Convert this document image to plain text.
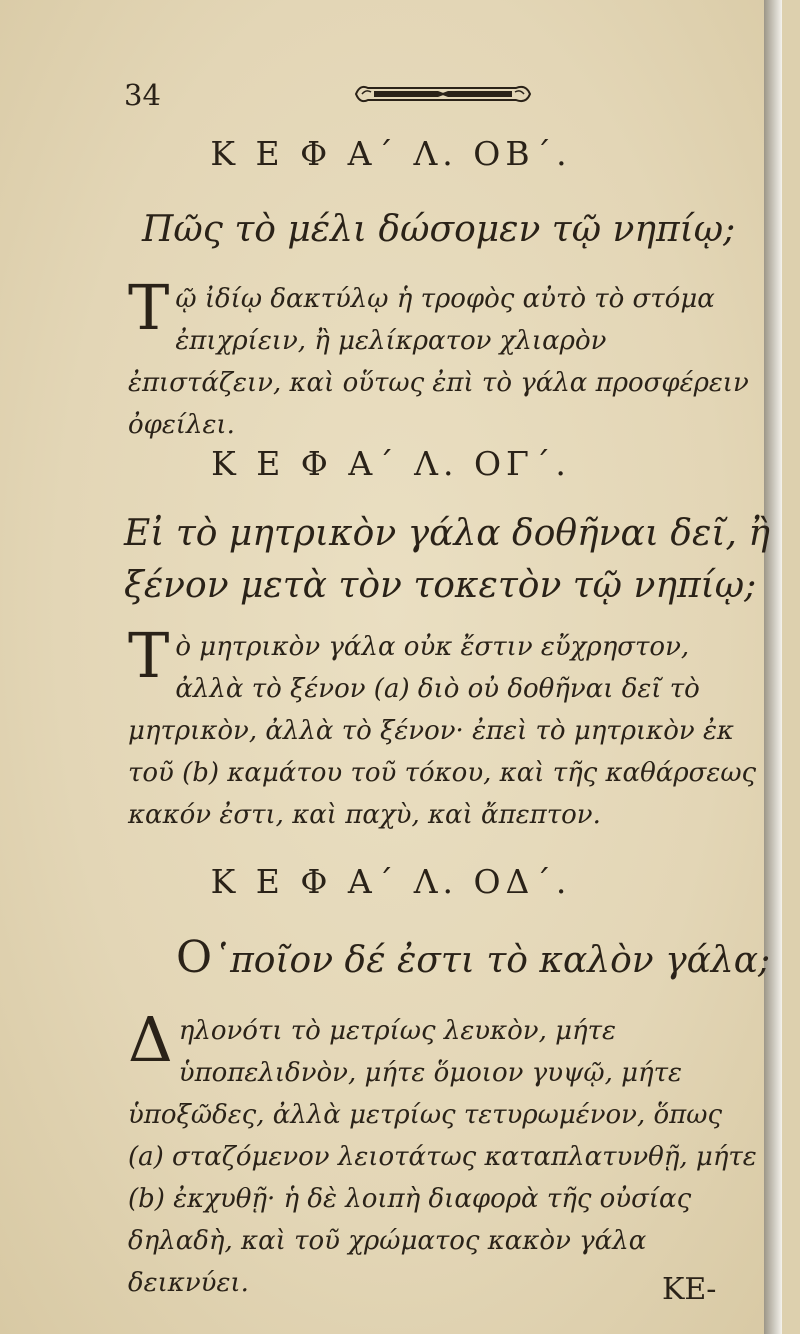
34
Κ Ε Φ Α΄ Λ. ΟΒ΄.
Πῶς τὸ μέλι δώσομεν τῷ νηπίῳ;

Τῷ ἰδίῳ δακτύλῳ ἡ τροφὸς αὐτὸ τὸ στόμα ἐπιχρίειν, ἢ μελίκρατον χλιαρὸν ἐπιστάζειν, καὶ οὕτως ἐπὶ τὸ γάλα προσφέρειν ὀφείλει.

Κ Ε Φ Α΄ Λ. ΟΓ΄.
Εἰ τὸ μητρικὸν γάλα δοθῆναι δεῖ, ἢ ξένον μετὰ τὸν τοκετὸν τῷ νηπίῳ;

Τὸ μητρικὸν γάλα οὐκ ἔστιν εὔχρηστον, ἀλλὰ τὸ ξένον (a) διὸ οὐ δοθῆναι δεῖ τὸ μητρικὸν, ἀλλὰ τὸ ξένον· ἐπεὶ τὸ μητρικὸν ἐκ τοῦ (b) καμάτου τοῦ τόκου, καὶ τῆς καθάρσεως κακόν ἐστι, καὶ παχὺ, καὶ ἄπεπτον.

Κ Ε Φ Α΄ Λ. ΟΔ΄.
Ο῾ποῖον δέ ἐστι τὸ καλὸν γάλα;

Δηλονότι τὸ μετρίως λευκὸν, μήτε ὑποπελιδνὸν, μήτε ὅμοιον γυψῷ, μήτε ὑποξῶδες, ἀλλὰ μετρίως τετυρωμένον, ὅπως (a) σταζόμενον λειοτάτως καταπλατυνθῇ, μήτε (b) ἐκχυθῇ· ἡ δὲ λοιπὴ διαφορὰ τῆς οὐσίας δηλαδὴ, καὶ τοῦ χρώματος κακὸν γάλα δεικνύει.	ΚΕ-
